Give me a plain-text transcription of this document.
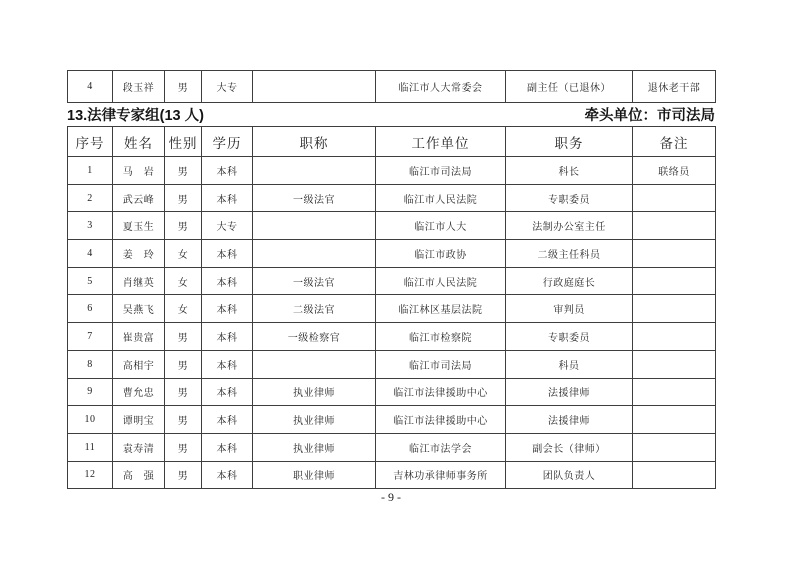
4	段玉祥	男	大专		临江市人大常委会	副主任（已退休）	退休老干部
13.法律专家组(13 人)	牵头单位：市司法局
序号	姓名	性别	学历	职称	工作单位	职务	备注
1	马　岩	男	本科		临江市司法局	科长	联络员
2	武云峰	男	本科	一级法官	临江市人民法院	专职委员	
3	夏玉生	男	大专		临江市人大	法制办公室主任	
4	姜　玲	女	本科		临江市政协	二级主任科员	
5	肖继英	女	本科	一级法官	临江市人民法院	行政庭庭长	
6	吴燕飞	女	本科	二级法官	临江林区基层法院	审判员	
7	崔贵富	男	本科	一级检察官	临江市检察院	专职委员	
8	高相宇	男	本科		临江市司法局	科员	
9	曹允忠	男	本科	执业律师	临江市法律援助中心	法援律师	
10	谭明宝	男	本科	执业律师	临江市法律援助中心	法援律师	
11	袁寿清	男	本科	执业律师	临江市法学会	副会长（律师）	
12	高　强	男	本科	职业律师	吉林功承律师事务所	团队负责人	
- 9 -
